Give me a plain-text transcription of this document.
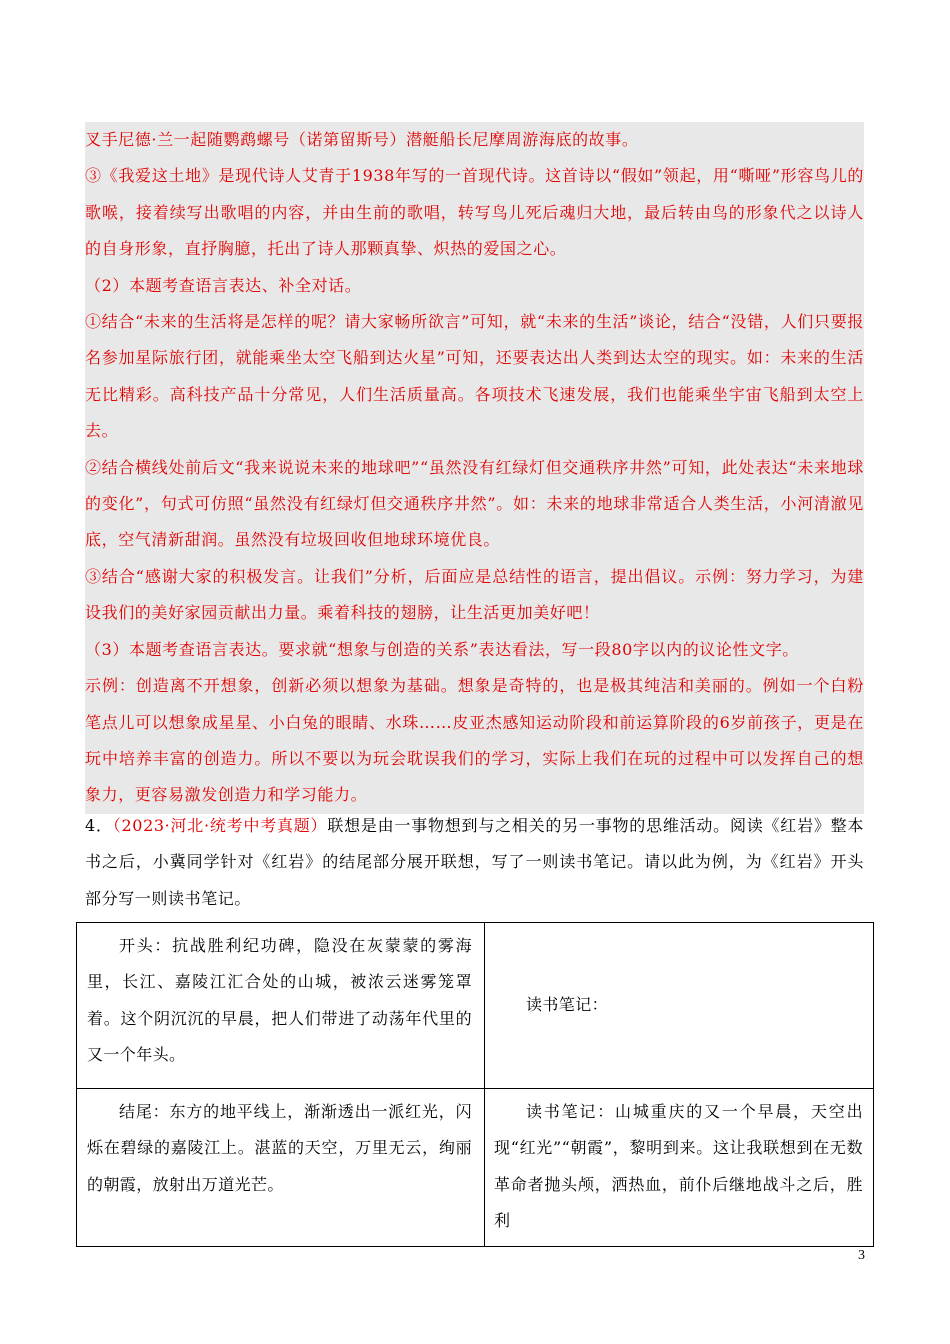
叉手尼德·兰一起随鹦鹉螺号（诺第留斯号）潜艇船长尼摩周游海底的故事。

③《我爱这土地》是现代诗人艾青于1938年写的一首现代诗。这首诗以“假如”领起，用“嘶哑”形容鸟儿的歌喉，接着续写出歌唱的内容，并由生前的歌唱，转写鸟儿死后魂归大地，最后转由鸟的形象代之以诗人的自身形象，直抒胸臆，托出了诗人那颗真挚、炽热的爱国之心。

（2）本题考查语言表达、补全对话。

①结合“未来的生活将是怎样的呢？请大家畅所欲言”可知，就“未来的生活”谈论，结合“没错，人们只要报名参加星际旅行团，就能乘坐太空飞船到达火星”可知，还要表达出人类到达太空的现实。如：未来的生活无比精彩。高科技产品十分常见，人们生活质量高。各项技术飞速发展，我们也能乘坐宇宙飞船到太空上去。

②结合横线处前后文“我来说说未来的地球吧”“虽然没有红绿灯但交通秩序井然”可知，此处表达“未来地球的变化”，句式可仿照“虽然没有红绿灯但交通秩序井然”。如：未来的地球非常适合人类生活，小河清澈见底，空气清新甜润。虽然没有垃圾回收但地球环境优良。

③结合“感谢大家的积极发言。让我们”分析，后面应是总结性的语言，提出倡议。示例：努力学习，为建设我们的美好家园贡献出力量。乘着科技的翅膀，让生活更加美好吧！

（3）本题考查语言表达。要求就“想象与创造的关系”表达看法，写一段80字以内的议论性文字。

示例：创造离不开想象，创新必须以想象为基础。想象是奇特的，也是极其纯洁和美丽的。例如一个白粉笔点儿可以想象成星星、小白兔的眼睛、水珠……皮亚杰感知运动阶段和前运算阶段的6岁前孩子，更是在玩中培养丰富的创造力。所以不要以为玩会耽误我们的学习，实际上我们在玩的过程中可以发挥自己的想象力，更容易激发创造力和学习能力。

4．（2023·河北·统考中考真题）联想是由一事物想到与之相关的另一事物的思维活动。阅读《红岩》整本书之后，小冀同学针对《红岩》的结尾部分展开联想，写了一则读书笔记。请以此为例，为《红岩》开头部分写一则读书笔记。

开头：抗战胜利纪功碑，隐没在灰蒙蒙的雾海里，长江、嘉陵江汇合处的山城，被浓云迷雾笼罩着。这个阴沉沉的早晨，把人们带进了动荡年代里的又一个年头。	读书笔记：

结尾：东方的地平线上，渐渐透出一派红光，闪烁在碧绿的嘉陵江上。湛蓝的天空，万里无云，绚丽的朝霞，放射出万道光芒。	读书笔记：山城重庆的又一个早晨，天空出现“红光”“朝霞”，黎明到来。这让我联想到在无数革命者抛头颅，洒热血，前仆后继地战斗之后，胜利

3
